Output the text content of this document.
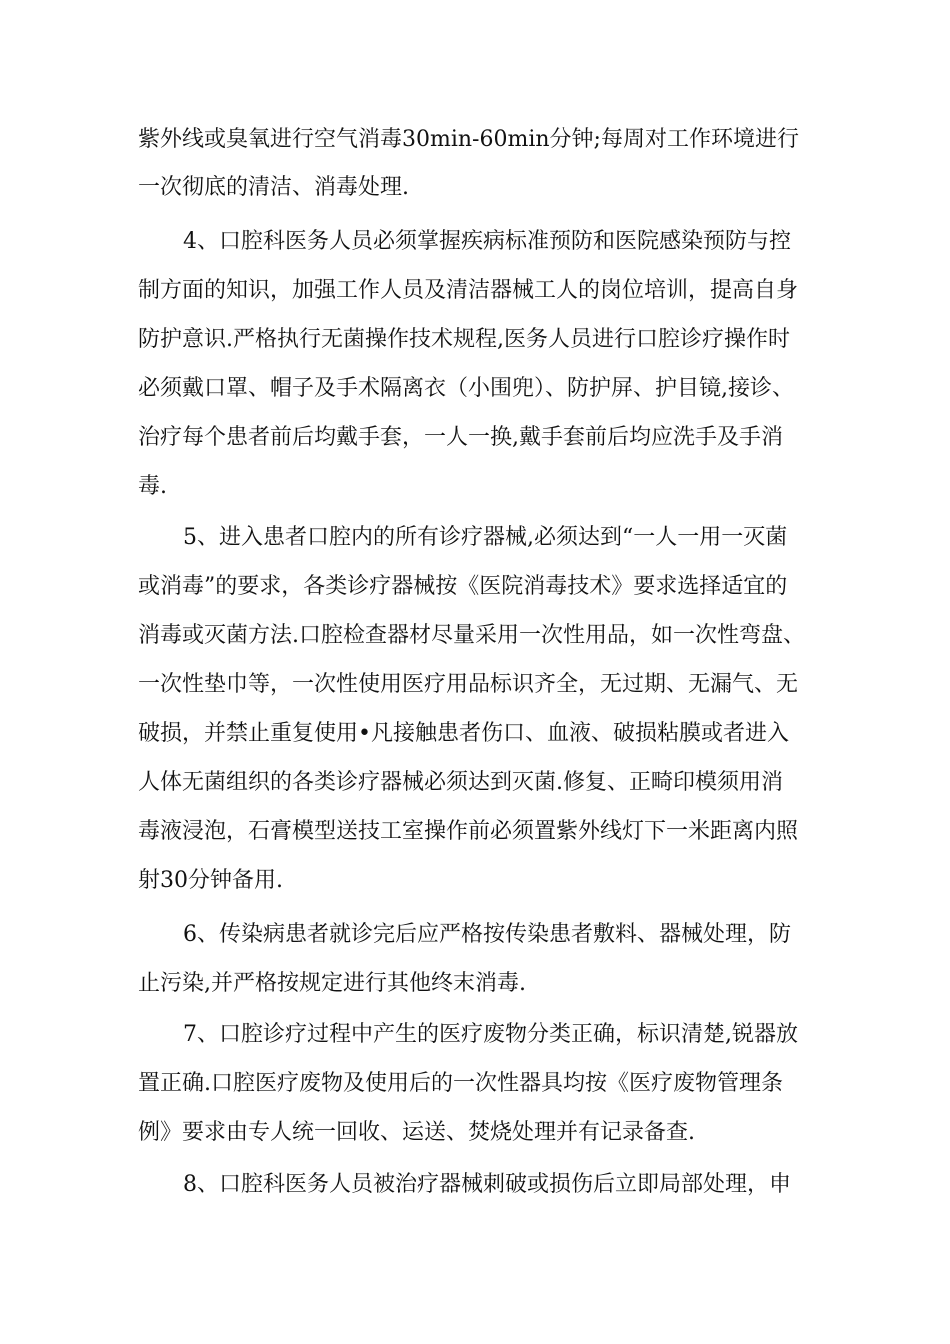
紫外线或臭氧进行空气消毒30min-60min分钟;每周对工作环境进行
一次彻底的清洁、消毒处理.
4、口腔科医务人员必须掌握疾病标准预防和医院感染预防与控
制方面的知识，加强工作人员及清洁器械工人的岗位培训，提高自身
防护意识.严格执行无菌操作技术规程,医务人员进行口腔诊疗操作时
必须戴口罩、帽子及手术隔离衣（小围兜）、防护屏、护目镜,接诊、
治疗每个患者前后均戴手套，一人一换,戴手套前后均应洗手及手消
毒.
5、进入患者口腔内的所有诊疗器械,必须达到“一人一用一灭菌
或消毒”的要求，各类诊疗器械按《医院消毒技术》要求选择适宜的
消毒或灭菌方法.口腔检查器材尽量采用一次性用品，如一次性弯盘、
一次性垫巾等，一次性使用医疗用品标识齐全，无过期、无漏气、无
破损，并禁止重复使用•凡接触患者伤口、血液、破损粘膜或者进入
人体无菌组织的各类诊疗器械必须达到灭菌.修复、正畸印模须用消
毒液浸泡，石膏模型送技工室操作前必须置紫外线灯下一米距离内照
射30分钟备用.
6、传染病患者就诊完后应严格按传染患者敷料、器械处理，防
止污染,并严格按规定进行其他终末消毒.
7、口腔诊疗过程中产生的医疗废物分类正确，标识清楚,锐器放
置正确.口腔医疗废物及使用后的一次性器具均按《医疗废物管理条
例》要求由专人统一回收、运送、焚烧处理并有记录备查.
8、口腔科医务人员被治疗器械刺破或损伤后立即局部处理，申
